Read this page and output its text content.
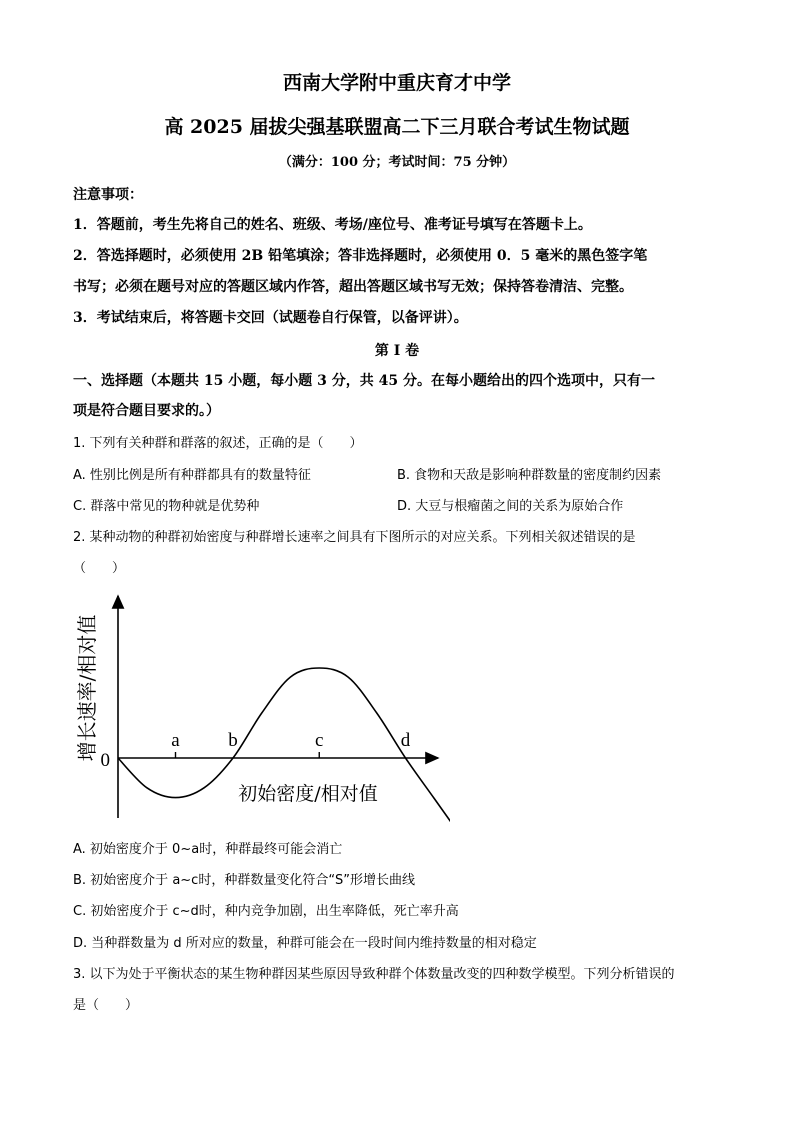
西南大学附中重庆育才中学
高 2025 届拔尖强基联盟高二下三月联合考试生物试题
（满分：100 分；考试时间：75 分钟）
注意事项：
1．答题前，考生先将自己的姓名、班级、考场/座位号、准考证号填写在答题卡上。
2．答选择题时，必须使用 2B 铅笔填涂；答非选择题时，必须使用 0．5 毫米的黑色签字笔
书写；必须在题号对应的答题区域内作答，超出答题区域书写无效；保持答卷清洁、完整。
3．考试结束后，将答题卡交回（试题卷自行保管，以备评讲）。
第 I 卷
一、选择题（本题共 15 小题，每小题 3 分，共 45 分。在每小题给出的四个选项中，只有一
项是符合题目要求的。）
1. 下列有关种群和群落的叙述，正确的是（　　）
A. 性别比例是所有种群都具有的数量特征	B. 食物和天敌是影响种群数量的密度制约因素
C. 群落中常见的物种就是优势种	D. 大豆与根瘤菌之间的关系为原始合作
2. 某种动物的种群初始密度与种群增长速率之间具有下图所示的对应关系。下列相关叙述错误的是
（　　）
a	b	c	d
0
增长速率/相对值
初始密度/相对值
A. 初始密度介于 0~a时，种群最终可能会消亡
B. 初始密度介于 a~c时，种群数量变化符合“S”形增长曲线
C. 初始密度介于 c~d时，种内竞争加剧，出生率降低，死亡率升高
D. 当种群数量为 d 所对应的数量，种群可能会在一段时间内维持数量的相对稳定
3. 以下为处于平衡状态的某生物种群因某些原因导致种群个体数量改变的四种数学模型。下列分析错误的
是（　　）
